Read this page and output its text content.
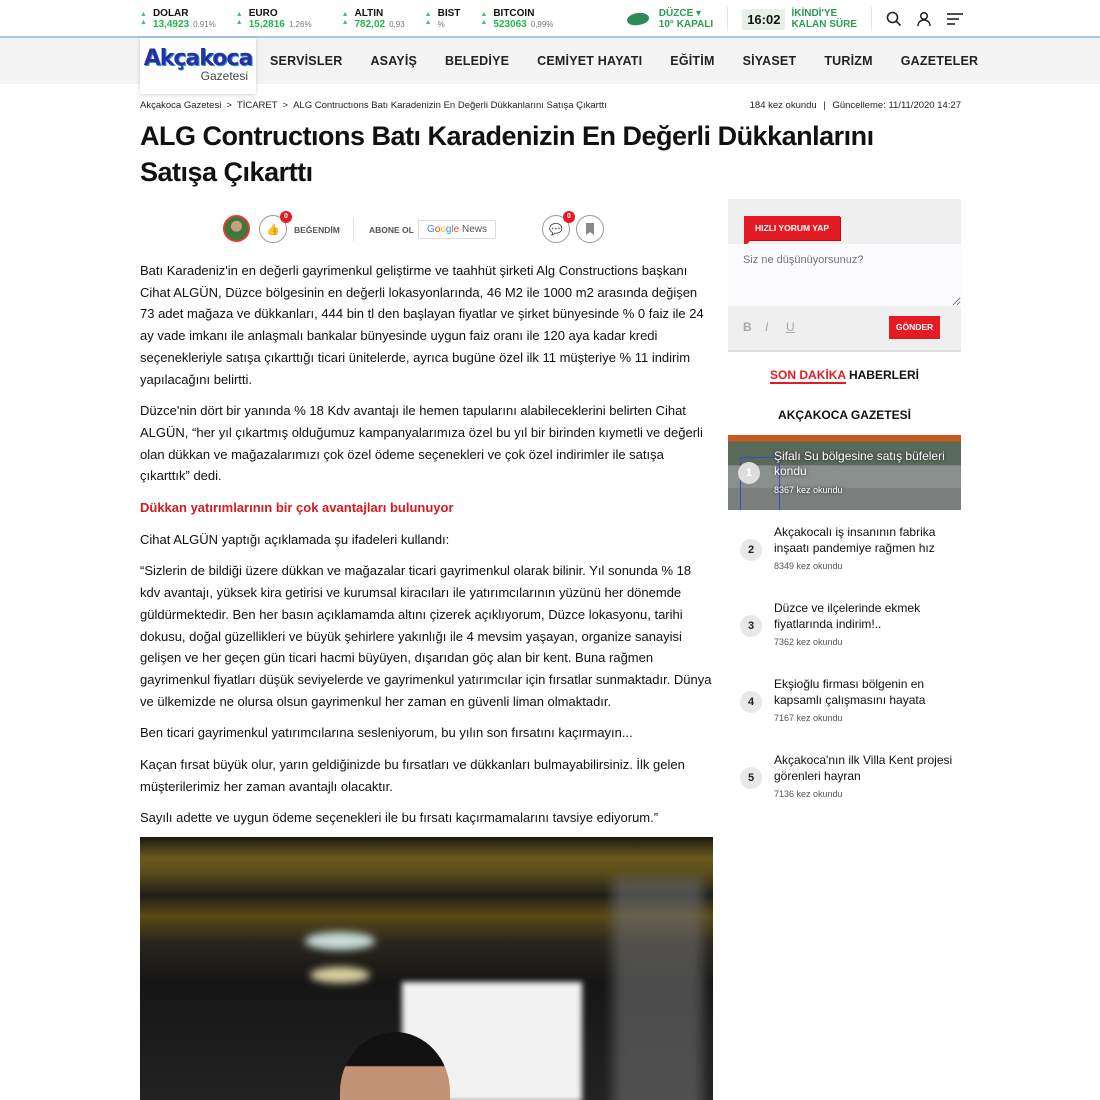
▲
▲
DOLAR
13,4923 0.91%
▲
▲
EURO
15,2816 1.26%
▲
▲
ALTIN
782,02 0,93
▲
▲
BIST
%
▲
▲
BITCOIN
523063 0,99%
DÜZCE ▾
10° KAPALI	16:02	İKİNDİ'YE
KALAN SÜRE
Akçakoca
Gazetesi
SERVİSLER ASAYİŞ BELEDİYE CEMİYET HAYATI EĞİTİM SİYASET TURİZM GAZETELER
Akçakoca Gazetesi > TİCARET > ALG Contructıons Batı Karadenizin En Değerli Dükkanlarını Satışa Çıkarttı	184 kez okundu | Güncelleme: 11/11/2020 14:27
ALG Contructıons Batı Karadenizin En Değerli Dükkanlarını Satışa Çıkarttı
👍
0
BEĞENDİM	ABONE OL	Google News	💬
0

Batı Karadeniz'in en değerli gayrimenkul geliştirme ve taahhüt şirketi Alg Constructions başkanı Cihat ALGÜN, Düzce bölgesinin en değerli lokasyonlarında, 46 M2 ile 1000 m2 arasında değişen 73 adet mağaza ve dükkanları, 444 bin tl den başlayan fiyatlar ve şirket bünyesinde % 0 faiz ile 24 ay vade imkanı ile anlaşmalı bankalar bünyesinde uygun faiz oranı ile 120 aya kadar kredi seçenekleriyle satışa çıkarttığı ticari ünitelerde, ayrıca bugüne özel ilk 11 müşteriye % 11 indirim yapılacağını belirtti.

Düzce'nin dört bir yanında % 18 Kdv avantajı ile hemen tapularını alabileceklerini belirten Cihat ALGÜN, “her yıl çıkartmış olduğumuz kampanyalarımıza özel bu yıl bir birinden kıymetli ve değerli olan dükkan ve mağazalarımızı çok özel ödeme seçenekleri ve çok özel indirimler ile satışa çıkarttık” dedi.

Dükkan yatırımlarının bir çok avantajları bulunuyor

Cihat ALGÜN yaptığı açıklamada şu ifadeleri kullandı:

“Sizlerin de bildiği üzere dükkan ve mağazalar ticari gayrimenkul olarak bilinir. Yıl sonunda % 18 kdv avantajı, yüksek kira getirisi ve kurumsal kiracıları ile yatırımcılarının yüzünü her dönemde güldürmektedir. Ben her basın açıklamamda altını çizerek açıklıyorum, Düzce lokasyonu, tarihi dokusu, doğal güzellikleri ve büyük şehirlere yakınlığı ile 4 mevsim yaşayan, organize sanayisi gelişen ve her geçen gün ticari hacmi büyüyen, dışarıdan göç alan bir kent. Buna rağmen gayrimenkul fiyatları düşük seviyelerde ve gayrimenkul yatırımcılar için fırsatlar sunmaktadır. Dünya ve ülkemizde ne olursa olsun gayrimenkul her zaman en güvenli liman olmaktadır.

Ben ticari gayrimenkul yatırımcılarına sesleniyorum, bu yılın son fırsatını kaçırmayın...

Kaçan fırsat büyük olur, yarın geldiğinizde bu fırsatları ve dükkanları bulmayabilirsiniz. İlk gelen müşterilerimiz her zaman avantajlı olacaktır.

Sayılı adette ve uygun ödeme seçenekleri ile bu fırsatı kaçırmamalarını tavsiye ediyorum.”

HIZLI YORUM YAP
Siz ne düşünüyorsunuz?
B I U	GÖNDER
SON DAKİKA HABERLERİ
AKÇAKOCA GAZETESİ
1
Şifalı Su bölgesine satış büfeleri kondu
8367 kez okundu
2
Akçakocalı iş insanının fabrika inşaatı pandemiye rağmen hız
8349 kez okundu
3
Düzce ve ilçelerinde ekmek fiyatlarında indirim!..
7362 kez okundu
4
Ekşioğlu firması bölgenin en kapsamlı çalışmasını hayata
7167 kez okundu
5
Akçakoca'nın ilk Villa Kent projesi görenleri hayran
7136 kez okundu
